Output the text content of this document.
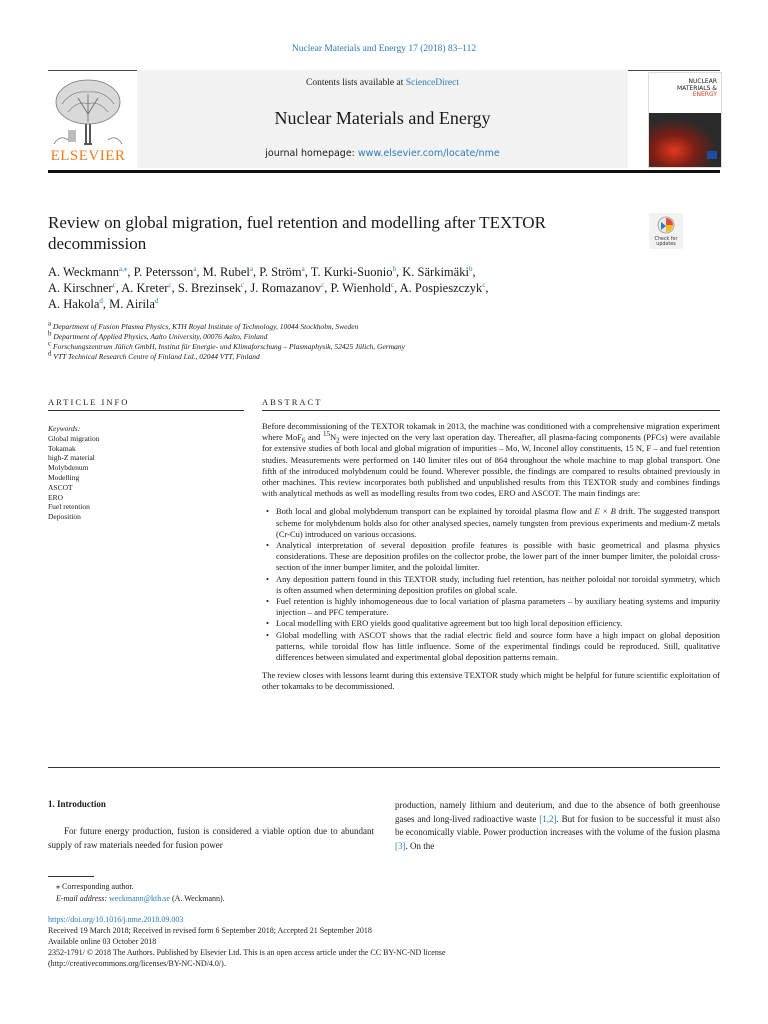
Nuclear Materials and Energy 17 (2018) 83–112
Contents lists available at ScienceDirect
Nuclear Materials and Energy
journal homepage: www.elsevier.com/locate/nme
ELSEVIER
NUCLEAR
MATERIALS &
ENERGY
Review on global migration, fuel retention and modelling after TEXTOR decommission	Check for
updates
A. Weckmann$^{a,⁎}$, P. Petersson$^a$, M. Rubel$^a$, P. Ström$^a$, T. Kurki-Suonio$^b$, K. Särkimäki$^b$,
A. Kirschner$^c$, A. Kreter$^c$, S. Brezinsek$^c$, J. Romazanov$^c$, P. Wienhold$^c$, A. Pospieszczyk$^c$,
A. Hakola$^d$, M. Airila$^d$
a Department of Fusion Plasma Physics, KTH Royal Institute of Technology, 10044 Stockholm, Sweden
b Department of Applied Physics, Aalto University, 00076 Aalto, Finland
c Forschungszentrum Jülich GmbH, Institut für Energie- und Klimaforschung – Plasmaphysik, 52425 Jülich, Germany
d VTT Technical Research Centre of Finland Ltd., 02044 VTT, Finland
ARTICLE INFO
Keywords:
Global migration
Tokamak
high-Z material
Molybdenum
Modelling
ASCOT
ERO
Fuel retention
Deposition
ABSTRACT

Before decommissioning of the TEXTOR tokamak in 2013, the machine was conditioned with a comprehensive migration experiment where MoF$_6$ and $^{15}N_2$ were injected on the very last operation day. Thereafter, all plasma-facing components (PFCs) were available for extensive studies of both local and global migration of impurities – Mo, W, Inconel alloy constituents, 15 N, F – and fuel retention studies. Measurements were performed on 140 limiter tiles out of 864 throughout the whole machine to map global transport. One fifth of the introduced molybdenum could be found. Wherever possible, the findings are compared to results obtained previously in other machines. This review incorporates both published and unpublished results from this TEXTOR study and combines findings with analytical methods as well as modelling results from two codes, ERO and ASCOT. The main findings are:

• Both local and global molybdenum transport can be explained by toroidal plasma flow and E × B drift. The suggested transport scheme for molybdenum holds also for other analysed species, namely tungsten from previous experiments and medium-Z metals (Cr-Cu) introduced on various occasions.
• Analytical interpretation of several deposition profile features is possible with basic geometrical and plasma physics considerations. These are deposition profiles on the collector probe, the lower part of the inner bumper limiter, the poloidal cross-section of the inner bumper limiter, and the poloidal limiter.
• Any deposition pattern found in this TEXTOR study, including fuel retention, has neither poloidal nor toroidal symmetry, which is often assumed when determining deposition profiles on global scale.
• Fuel retention is highly inhomogeneous due to local variation of plasma parameters – by auxiliary heating systems and impurity injection – and PFC temperature.
• Local modelling with ERO yields good qualitative agreement but too high local deposition efficiency.
• Global modelling with ASCOT shows that the radial electric field and source form have a high impact on global deposition patterns, while toroidal flow has little influence. Some of the experimental findings could be reproduced. Still, qualitative differences between simulated and experimental global deposition patterns remain.

The review closes with lessons learnt during this extensive TEXTOR study which might be helpful for future scientific exploitation of other tokamaks to be decommissioned.

1. Introduction
For future energy production, fusion is considered a viable option due to abundant supply of raw materials needed for fusion power
production, namely lithium and deuterium, and due to the absence of both greenhouse gases and long-lived radioactive waste [1,2]. But for fusion to be successful it must also be economically viable. Power production increases with the volume of the fusion plasma [3]. On the
⁎ Corresponding author.
E-mail address: weckmann@kth.se (A. Weckmann).
https://doi.org/10.1016/j.nme.2018.09.003
Received 19 March 2018; Received in revised form 6 September 2018; Accepted 21 September 2018
Available online 03 October 2018
2352-1791/ © 2018 The Authors. Published by Elsevier Ltd. This is an open access article under the CC BY-NC-ND license
(http://creativecommons.org/licenses/BY-NC-ND/4.0/).
